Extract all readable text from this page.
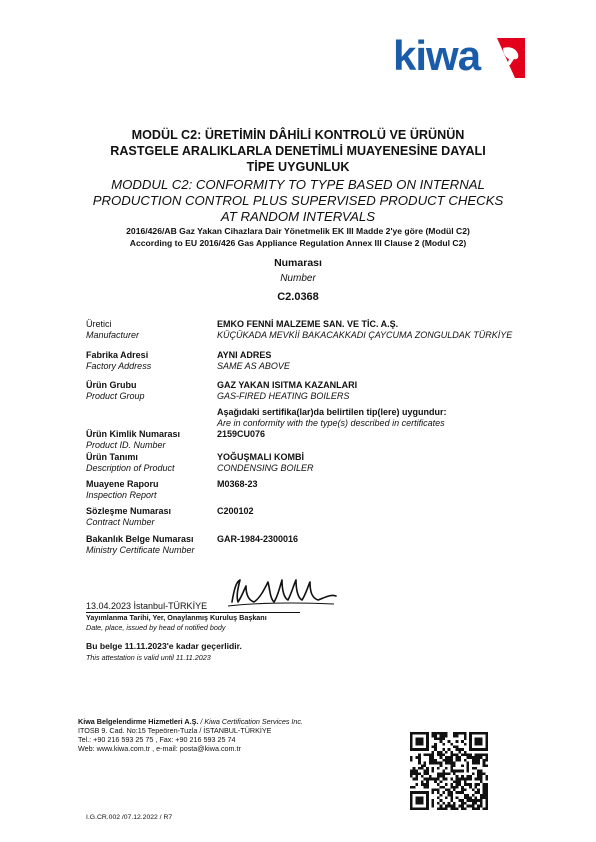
kiwa
MODÜL C2: ÜRETİMİN DÂHİLİ KONTROLÜ VE ÜRÜNÜN
RASTGELE ARALIKLARLA DENETİMLİ MUAYENESİNE DAYALI
TİPE UYGUNLUK
MODDUL C2: CONFORMITY TO TYPE BASED ON INTERNAL
PRODUCTION CONTROL PLUS SUPERVISED PRODUCT CHECKS
AT RANDOM INTERVALS
2016/426/AB Gaz Yakan Cihazlara Dair Yönetmelik EK III Madde 2'ye göre (Modül C2)
According to EU 2016/426 Gas Appliance Regulation Annex III Clause 2 (Modul C2)
Numarası
Number
C2.0368
Üretici
Manufacturer
EMKO FENNİ MALZEME SAN. VE TİC. A.Ş.
KÜÇÜKADA MEVKİİ BAKACAKKADI ÇAYCUMA ZONGULDAK TÜRKİYE
Fabrika Adresi
Factory Address
AYNI ADRES
SAME AS ABOVE
Ürün Grubu
Product Group
GAZ YAKAN ISITMA KAZANLARI
GAS-FIRED HEATING BOILERS
Aşağıdaki sertifika(lar)da belirtilen tip(lere) uygundur:
Are in conformity with the type(s) described in certificates
Ürün Kimlik Numarası
Product ID. Number
2159CU076
Ürün Tanımı
Description of Product
YOĞUŞMALI KOMBİ
CONDENSING BOILER
Muayene Raporu
Inspection Report
M0368-23
Sözleşme Numarası
Contract Number
C200102
Bakanlık Belge Numarası
Ministry Certificate Number
GAR-1984-2300016
13.04.2023 İstanbul-TÜRKİYE
Yayımlanma Tarihi, Yer, Onaylanmış Kuruluş Başkanı
Date, place, issued by head of notified body
Bu belge 11.11.2023'e kadar geçerlidir.
This attestation is valid until 11.11.2023
Kiwa Belgelendirme Hizmetleri A.Ş. / Kiwa Certification Services Inc.
ITOSB 9. Cad. No:15 Tepeören-Tuzla / İSTANBUL-TÜRKİYE
Tel.: +90 216 593 25 75 , Fax: +90 216 593 25 74
Web: www.kiwa.com.tr , e-mail: posta@kiwa.com.tr
I.G.CR.002 /07.12.2022 / R7
